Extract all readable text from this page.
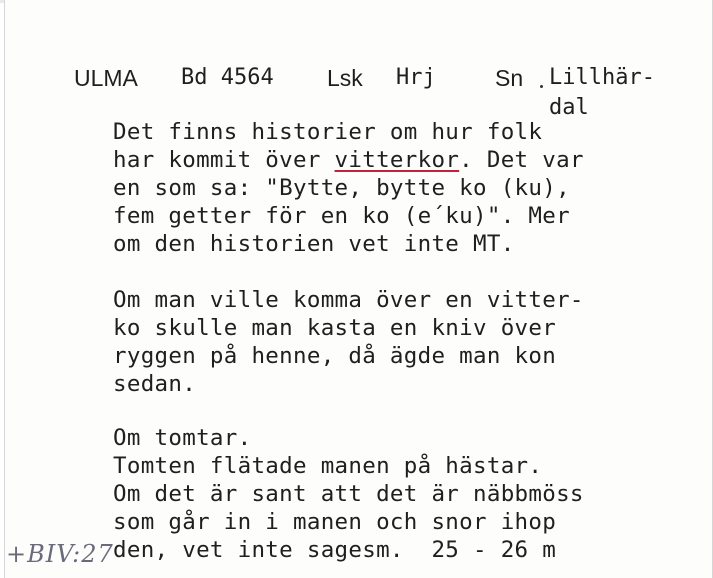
ULMA Bd 4564 Lsk Hrj	Sn Lillhär-
dal
Det finns historier om hur folk
har kommit över vitterkor. Det var
en som sa: "Bytte, bytte ko (ku),
fem getter för en ko (e´ku)". Mer
om den historien vet inte MT.
Om man ville komma över en vitter-
ko skulle man kasta en kniv över
ryggen på henne, då ägde man kon
sedan.
Om tomtar.
Tomten flätade manen på hästar.
Om det är sant att det är näbbmöss
som går in i manen och snor ihop
den, vet inte sagesm.  25 - 26 m
+BIV:27
